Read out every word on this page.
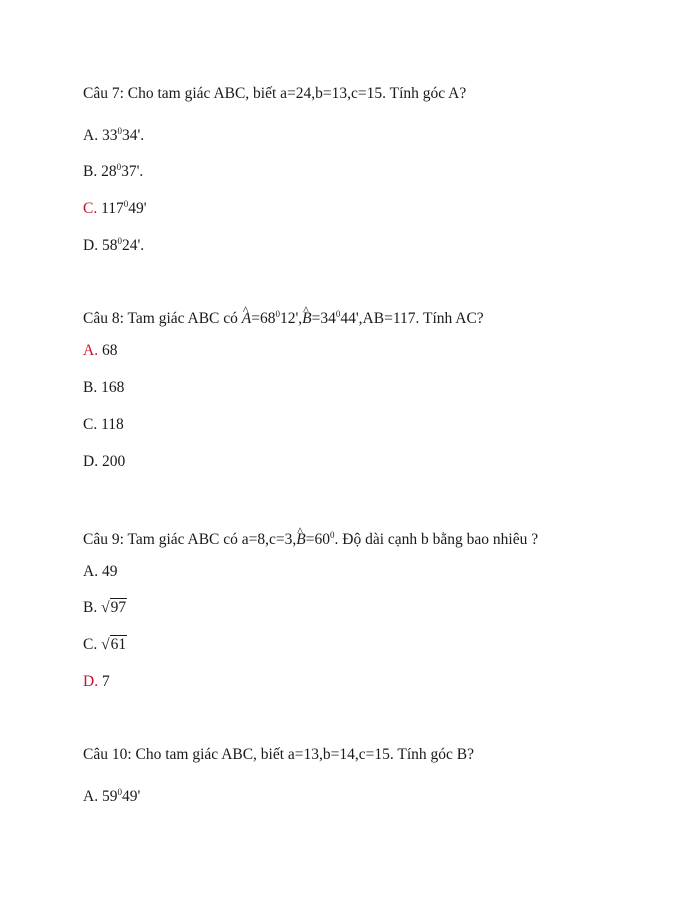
Câu 7: Cho tam giác ABC, biết a=24,b=13,c=15. Tính góc A?
A. $33^034'$.
B. $28^037'$.
C. $117^049'$
D. $58^024'$.
Câu 8: Tam giác ABC có ^ $A=68^012',\^{}$ $B=34^044',AB=117$. Tính AC?
A. 68
B. 168
C. 118
D. 200
Câu 9: Tam giác ABC có a=8,c=3,^ $B=60^0$. Độ dài cạnh b bằng bao nhiêu ?
A. 49
B. √97
C. √61
D. 7
Câu 10: Cho tam giác ABC, biết a=13,b=14,c=15. Tính góc B?
A. $59^049'$
